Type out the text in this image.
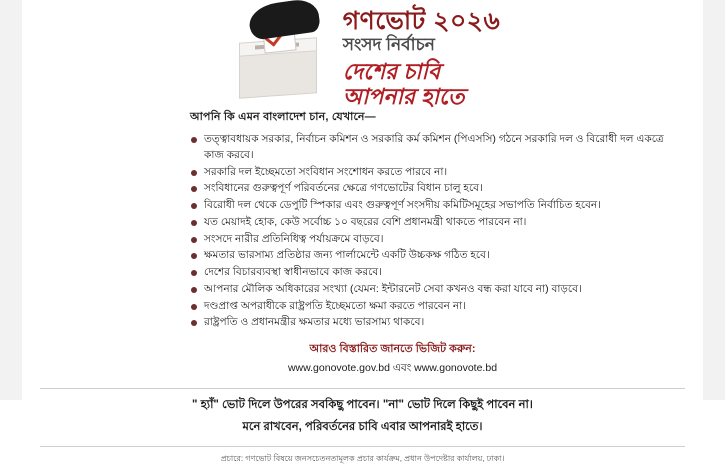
গণভোট ২০২৬
সংসদ নির্বাচন
দেশের চাবি
আপনার হাতে
আপনি কি এমন বাংলাদেশ চান, যেখানে—
তত্ত্বাবধায়ক সরকার, নির্বাচন কমিশন ও সরকারি কর্ম কমিশন (পিএসসি) গঠনে সরকারি দল ও বিরোধী দল একত্রে কাজ করবে।
সরকারি দল ইচ্ছেমতো সংবিধান সংশোধন করতে পারবে না।
সংবিধানের গুরুত্বপূর্ণ পরিবর্তনের ক্ষেত্রে গণভোটের বিধান চালু হবে।
বিরোধী দল থেকে ডেপুটি স্পিকার এবং গুরুত্বপূর্ণ সংসদীয় কমিটিসমূহের সভাপতি নির্বাচিত হবেন।
যত মেয়াদই হোক, কেউ সর্বোচ্চ ১০ বছরের বেশি প্রধানমন্ত্রী থাকতে পারবেন না।
সংসদে নারীর প্রতিনিধিত্ব পর্যায়ক্রমে বাড়বে।
ক্ষমতার ভারসাম্য প্রতিষ্ঠার জন্য পার্লামেন্টে একটি উচ্চকক্ষ গঠিত হবে।
দেশের বিচারব্যবস্থা স্বাধীনভাবে কাজ করবে।
আপনার মৌলিক অধিকারের সংখ্যা (যেমন: ইন্টারনেট সেবা কখনও বন্ধ করা যাবে না) বাড়বে।
দণ্ডপ্রাপ্ত অপরাধীকে রাষ্ট্রপতি ইচ্ছেমতো ক্ষমা করতে পারবেন না।
রাষ্ট্রপতি ও প্রধানমন্ত্রীর ক্ষমতার মধ্যে ভারসাম্য থাকবে।
আরও বিস্তারিত জানতে ভিজিট করুন:
www.gonovote.gov.bd এবং www.gonovote.bd
" হ্যাঁ" ভোট দিলে উপরের সবকিছু পাবেন। "না" ভোট দিলে কিছুই পাবেন না।
মনে রাখবেন, পরিবর্তনের চাবি এবার আপনারই হাতে।
প্রচারে: গণভোট বিষয়ে জনসচেতনতামূলক প্রচার কার্যক্রম, প্রধান উপদেষ্টার কার্যালয়, ঢাকা।
